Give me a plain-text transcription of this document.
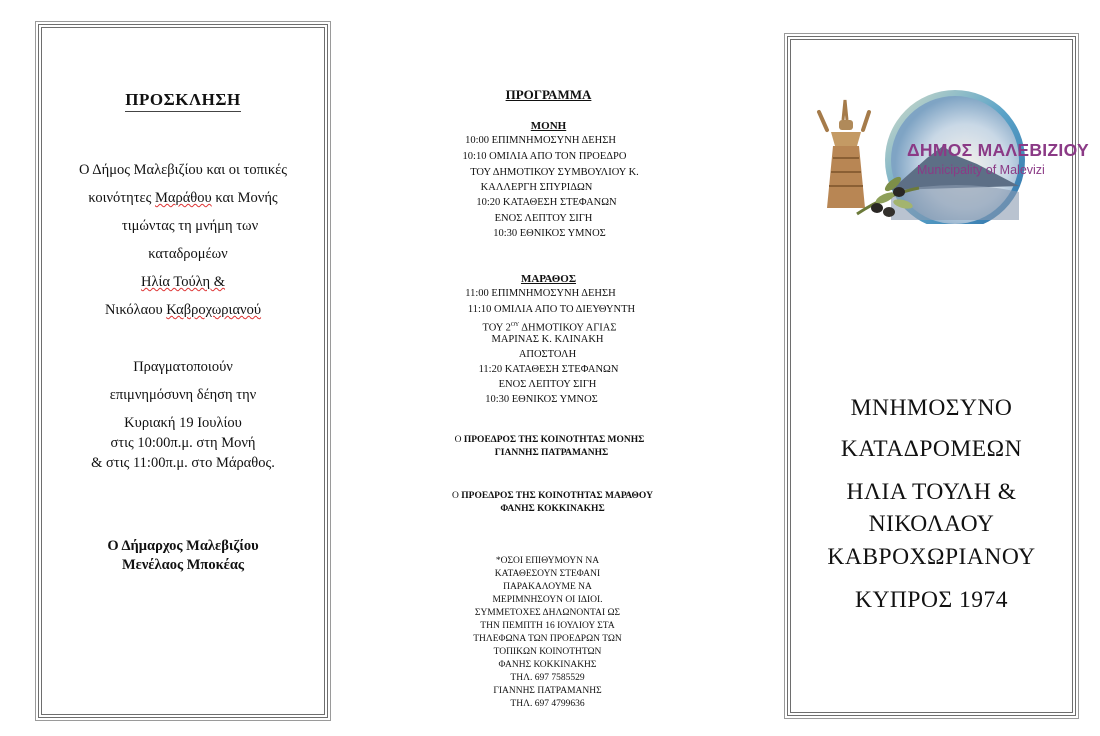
ΠΡΟΣΚΛΗΣΗ
Ο Δήμος Μαλεβιζίου και οι τοπικές
κοινότητες Μαράθου και Μονής
τιμώντας τη μνήμη των
καταδρομέων
Ηλία Τούλη &
Νικόλαου Καβροχωριανού
Πραγματοποιούν
επιμνημόσυνη δέηση την
Κυριακή 19 Ιουλίου
στις 10:00π.μ. στη Μονή
& στις 11:00π.μ. στο Μάραθος.
Ο Δήμαρχος Μαλεβιζίου
Μενέλαος Μποκέας
ΠΡΟΓΡΑΜΜΑ
ΜΟΝΗ
10:00 ΕΠΙΜΝΗΜΟΣΥΝΗ ΔΕΗΣΗ
10:10 ΟΜΙΛΙΑ ΑΠΟ ΤΟΝ ΠΡΟΕΔΡΟ
ΤΟΥ ΔΗΜΟΤΙΚΟΥ ΣΥΜΒΟΥΛΙΟΥ Κ.
ΚΑΛΛΕΡΓΗ ΣΠΥΡΙΔΩΝ
10:20 ΚΑΤΑΘΕΣΗ ΣΤΕΦΑΝΩΝ
ΕΝΟΣ ΛΕΠΤΟΥ ΣΙΓΗ
10:30 ΕΘΝΙΚΟΣ ΥΜΝΟΣ
ΜΑΡΑΘΟΣ
11:00 ΕΠΙΜΝΗΜΟΣΥΝΗ ΔΕΗΣΗ
11:10 ΟΜΙΛΙΑ ΑΠΟ ΤΟ ΔΙΕΥΘΥΝΤΗ
ΤΟΥ $2^{O\Upsilon}$ ΔΗΜΟΤΙΚΟΥ ΑΓΙΑΣ
ΜΑΡΙΝΑΣ Κ. ΚΛΙΝΑΚΗ
ΑΠΟΣΤΟΛΗ
11:20 ΚΑΤΑΘΕΣΗ ΣΤΕΦΑΝΩΝ
ΕΝΟΣ ΛΕΠΤΟΥ ΣΙΓΗ
10:30 ΕΘΝΙΚΟΣ ΥΜΝΟΣ
Ο ΠΡΟΕΔΡΟΣ ΤΗΣ ΚΟΙΝΟΤΗΤΑΣ ΜΟΝΗΣ
ΓΙΑΝΝΗΣ ΠΑΤΡΑΜΑΝΗΣ
Ο ΠΡΟΕΔΡΟΣ ΤΗΣ ΚΟΙΝΟΤΗΤΑΣ ΜΑΡΑΘΟΥ
ΦΑΝΗΣ ΚΟΚΚΙΝΑΚΗΣ
*ΟΣΟΙ ΕΠΙΘΥΜΟΥΝ ΝΑ
ΚΑΤΑΘΕΣΟΥΝ ΣΤΕΦΑΝΙ
ΠΑΡΑΚΑΛΟΥΜΕ ΝΑ
ΜΕΡΙΜΝΗΣΟΥΝ ΟΙ ΙΔΙΟΙ.
ΣΥΜΜΕΤΟΧΕΣ ΔΗΛΩΝΟΝΤΑΙ ΩΣ
ΤΗΝ ΠΕΜΠΤΗ 16 ΙΟΥΛΙΟΥ ΣΤΑ
ΤΗΛΕΦΩΝΑ ΤΩΝ ΠΡΟΕΔΡΩΝ ΤΩΝ
ΤΟΠΙΚΩΝ ΚΟΙΝΟΤΗΤΩΝ
ΦΑΝΗΣ ΚΟΚΚΙΝΑΚΗΣ
ΤΗΛ. 697 7585529
ΓΙΑΝΝΗΣ ΠΑΤΡΑΜΑΝΗΣ
ΤΗΛ. 697 4799636
ΔΗΜΟΣ ΜΑΛΕΒΙΖΙΟΥ
Municipality of Malevizi
ΜΝΗΜΟΣΥΝΟ
ΚΑΤΑΔΡΟΜΕΩΝ
ΗΛΙΑ ΤΟΥΛΗ &
ΝΙΚΟΛΑΟΥ
ΚΑΒΡΟΧΩΡΙΑΝΟΥ
ΚΥΠΡΟΣ 1974
